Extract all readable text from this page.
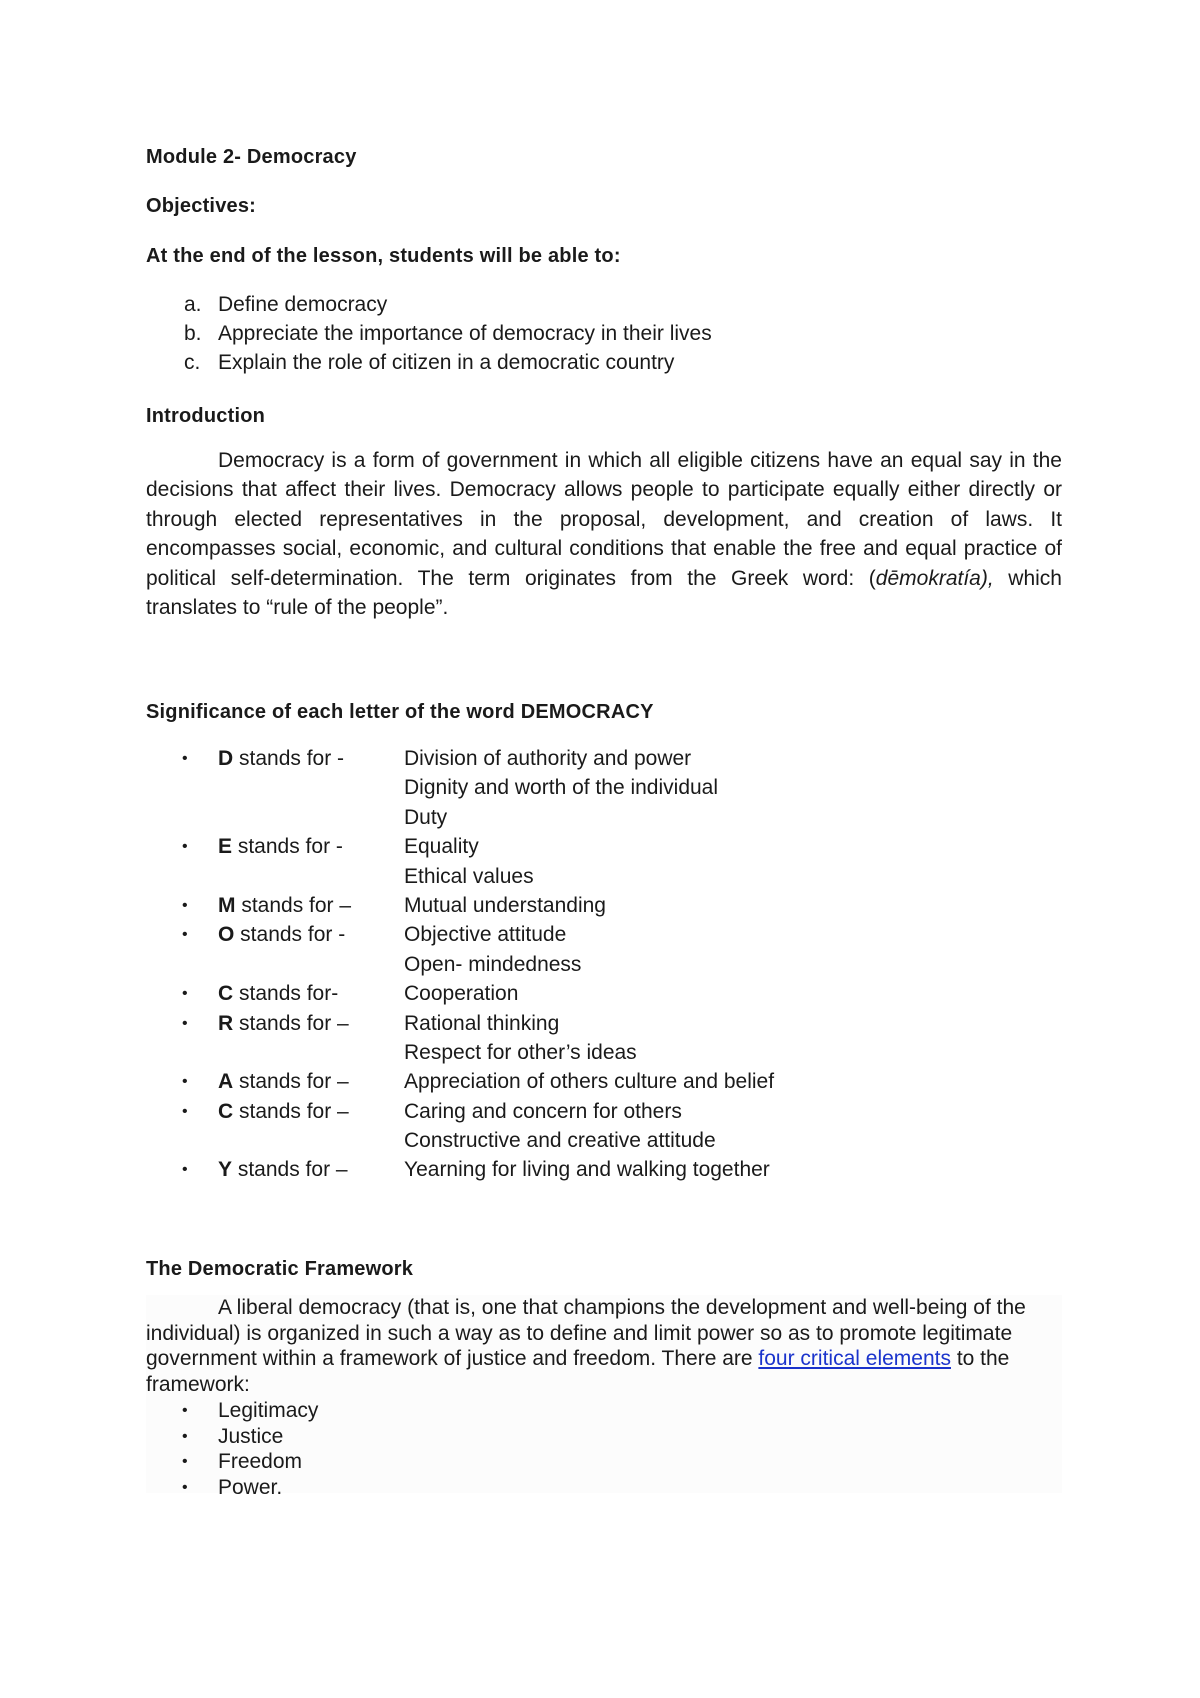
Module 2- Democracy
Objectives:
At the end of the lesson, students will be able to:
a. Define democracy
b. Appreciate the importance of democracy in their lives
c. Explain the role of citizen in a democratic country
Introduction

Democracy is a form of government in which all eligible citizens have an equal say in the decisions that affect their lives. Democracy allows people to participate equally either directly or through elected representatives in the proposal, development, and creation of laws. It encompasses social, economic, and cultural conditions that enable the free and equal practice of political self-determination. The term originates from the Greek word: (dēmokratía), which translates to “rule of the people”.

Significance of each letter of the word DEMOCRACY
• D stands for -	Division of authority and power
Dignity and worth of the individual
Duty
• E stands for -	Equality
Ethical values
• M stands for –	Mutual understanding
• O stands for -	Objective attitude
Open- mindedness
• C stands for-	Cooperation
• R stands for –	Rational thinking
Respect for other’s ideas
• A stands for –	Appreciation of others culture and belief
• C stands for –	Caring and concern for others
Constructive and creative attitude
• Y stands for –	Yearning for living and walking together
The Democratic Framework

A liberal democracy (that is, one that champions the development and well-being of the individual) is organized in such a way as to define and limit power so as to promote legitimate government within a framework of justice and freedom. There are four critical elements to the framework:

• Legitimacy
• Justice
• Freedom
• Power.
